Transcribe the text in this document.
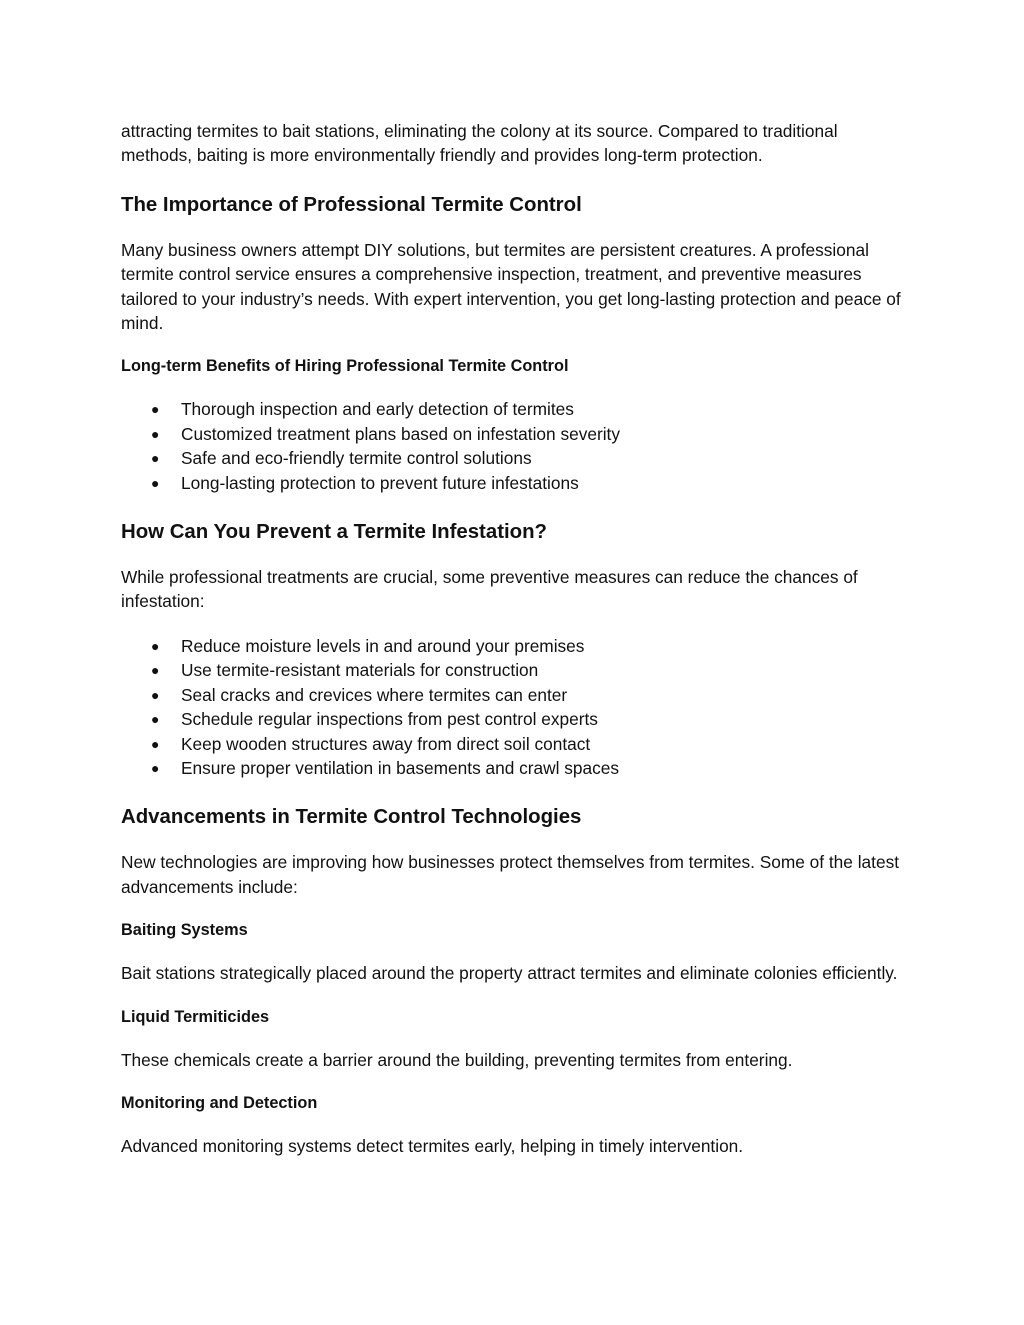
attracting termites to bait stations, eliminating the colony at its source. Compared to traditional methods, baiting is more environmentally friendly and provides long-term protection.

The Importance of Professional Termite Control

Many business owners attempt DIY solutions, but termites are persistent creatures. A professional termite control service ensures a comprehensive inspection, treatment, and preventive measures tailored to your industry’s needs. With expert intervention, you get long-lasting protection and peace of mind.

Long-term Benefits of Hiring Professional Termite Control
● Thorough inspection and early detection of termites
● Customized treatment plans based on infestation severity
● Safe and eco-friendly termite control solutions
● Long-lasting protection to prevent future infestations
How Can You Prevent a Termite Infestation?

While professional treatments are crucial, some preventive measures can reduce the chances of infestation:

● Reduce moisture levels in and around your premises
● Use termite-resistant materials for construction
● Seal cracks and crevices where termites can enter
● Schedule regular inspections from pest control experts
● Keep wooden structures away from direct soil contact
● Ensure proper ventilation in basements and crawl spaces
Advancements in Termite Control Technologies

New technologies are improving how businesses protect themselves from termites. Some of the latest advancements include:

Baiting Systems

Bait stations strategically placed around the property attract termites and eliminate colonies efficiently.

Liquid Termiticides

These chemicals create a barrier around the building, preventing termites from entering.

Monitoring and Detection

Advanced monitoring systems detect termites early, helping in timely intervention.
